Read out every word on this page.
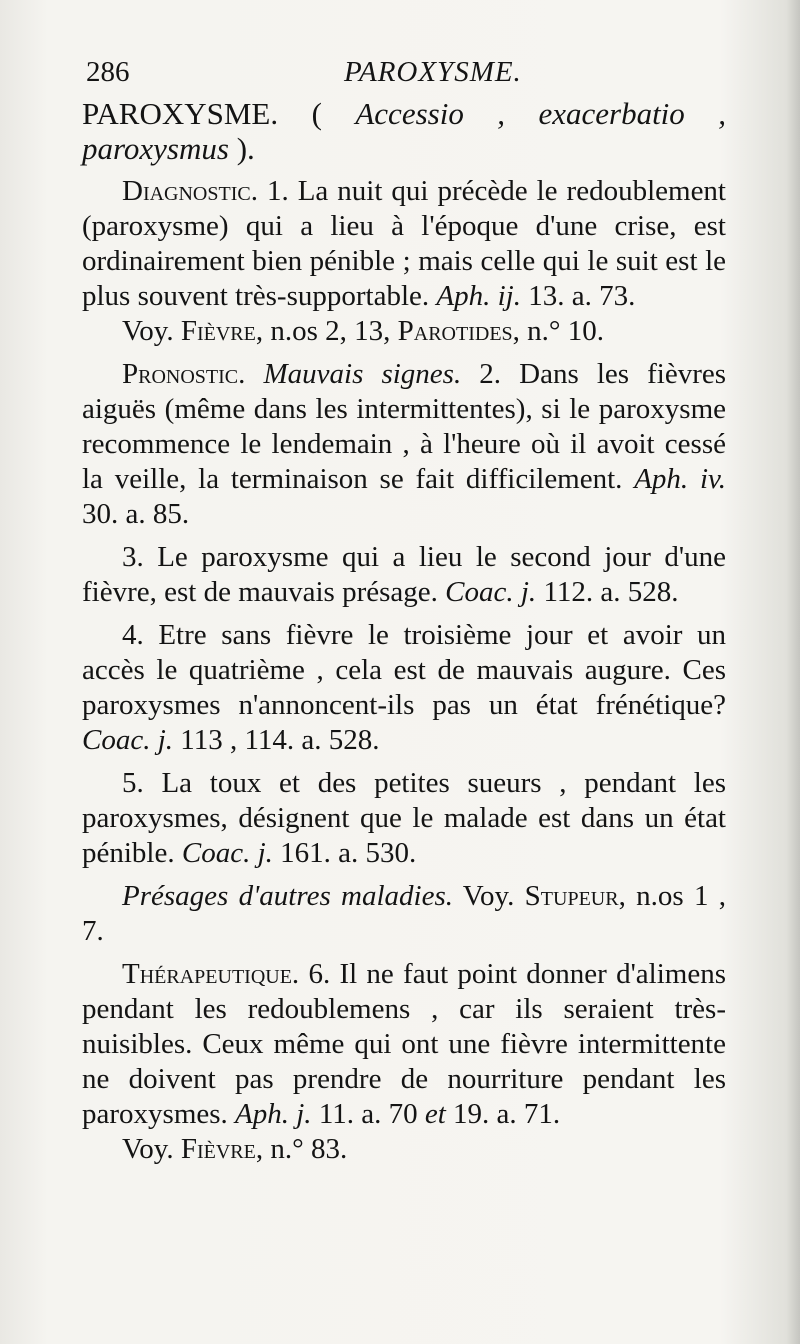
286	PAROXYSME.

PAROXYSME. ( Accessio , exacerbatio , paroxysmus ).

Diagnostic. 1. La nuit qui précède le redoublement (paroxysme) qui a lieu à l'époque d'une crise, est ordinairement bien pénible ; mais celle qui le suit est le plus souvent très-supportable. Aph. ij. 13. a. 73.

Voy. Fièvre, n.os 2, 13, Parotides, n.° 10.

Pronostic. Mauvais signes. 2. Dans les fièvres aiguës (même dans les intermittentes), si le paroxysme recommence le lendemain , à l'heure où il avoit cessé la veille, la terminaison se fait difficilement. Aph. iv. 30. a. 85.

3. Le paroxysme qui a lieu le second jour d'une fièvre, est de mauvais présage. Coac. j. 112. a. 528.

4. Etre sans fièvre le troisième jour et avoir un accès le quatrième , cela est de mauvais augure. Ces paroxysmes n'annoncent-ils pas un état frénétique? Coac. j. 113 , 114. a. 528.

5. La toux et des petites sueurs , pendant les paroxysmes, désignent que le malade est dans un état pénible. Coac. j. 161. a. 530.

Présages d'autres maladies. Voy. Stupeur, n.os 1 , 7.

Thérapeutique. 6. Il ne faut point donner d'alimens pendant les redoublemens , car ils seraient très-nuisibles. Ceux même qui ont une fièvre intermittente ne doivent pas prendre de nourriture pendant les paroxysmes. Aph. j. 11. a. 70 et 19. a. 71.

Voy. Fièvre, n.° 83.
